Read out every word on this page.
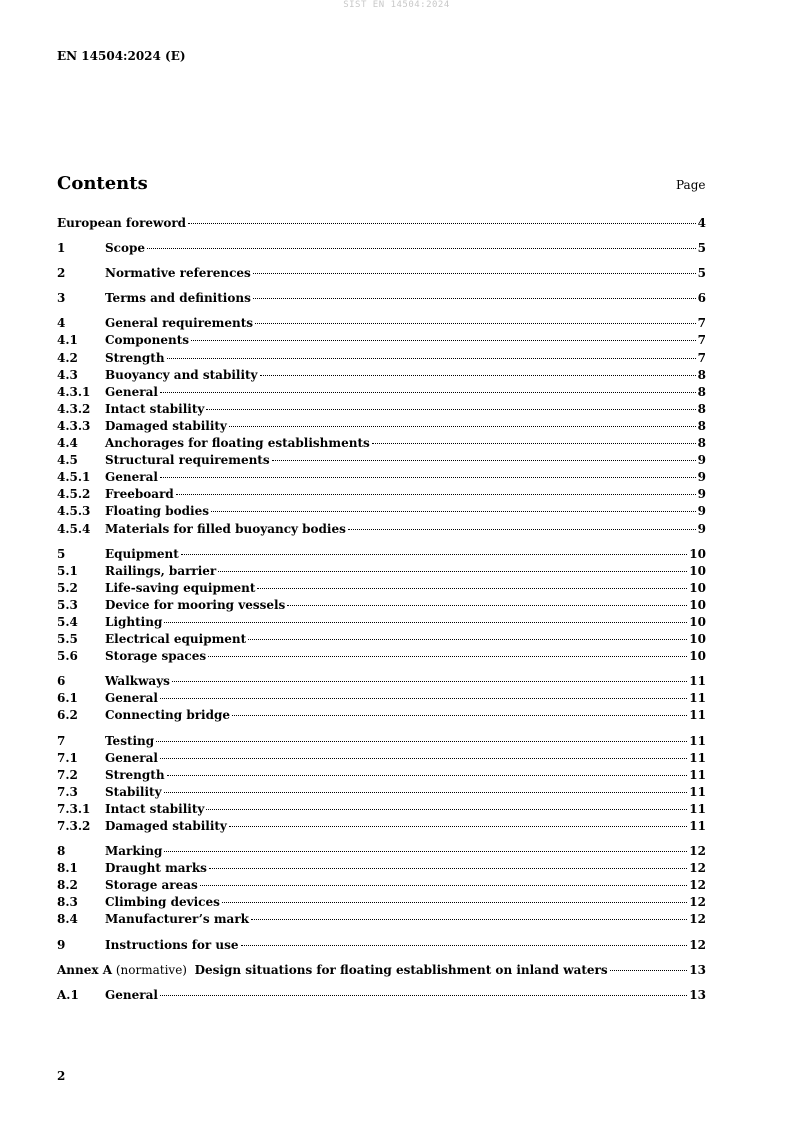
SIST EN 14504:2024
EN 14504:2024 (E)
Contents	Page
European foreword	4
1	Scope	5
2	Normative references	5
3	Terms and definitions	6
4	General requirements	7
4.1	Components	7
4.2	Strength	7
4.3	Buoyancy and stability	8
4.3.1	General	8
4.3.2	Intact stability	8
4.3.3	Damaged stability	8
4.4	Anchorages for floating establishments	8
4.5	Structural requirements	9
4.5.1	General	9
4.5.2	Freeboard	9
4.5.3	Floating bodies	9
4.5.4	Materials for filled buoyancy bodies	9
5	Equipment	10
5.1	Railings, barrier	10
5.2	Life-saving equipment	10
5.3	Device for mooring vessels	10
5.4	Lighting	10
5.5	Electrical equipment	10
5.6	Storage spaces	10
6	Walkways	11
6.1	General	11
6.2	Connecting bridge	11
7	Testing	11
7.1	General	11
7.2	Strength	11
7.3	Stability	11
7.3.1	Intact stability	11
7.3.2	Damaged stability	11
8	Marking	12
8.1	Draught marks	12
8.2	Storage areas	12
8.3	Climbing devices	12
8.4	Manufacturer’s mark	12
9	Instructions for use	12
Annex A (normative)  Design situations for floating establishment on inland waters	13
A.1	General	13
2
